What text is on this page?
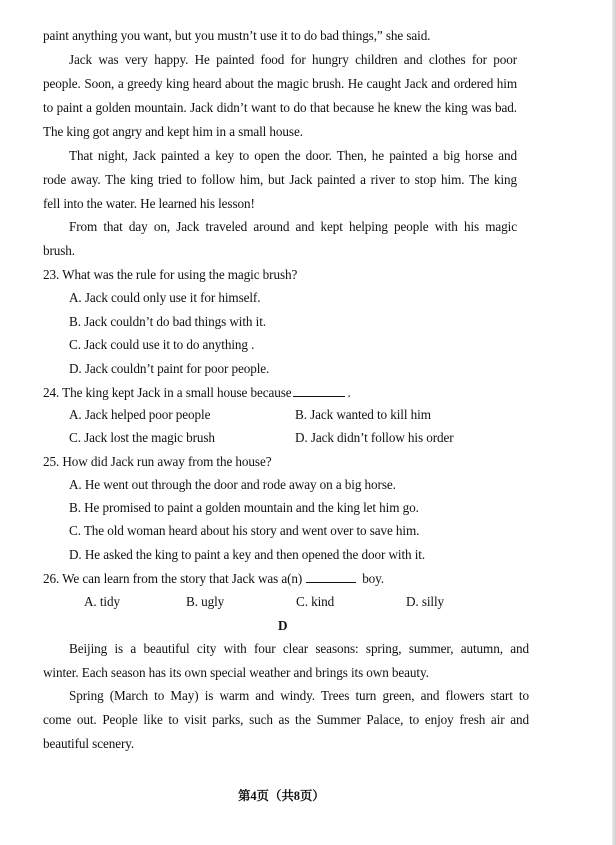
paint anything you want, but you mustn’t use it to do bad things,” she said.
Jack was very happy. He painted food for hungry children and clothes for poor
people. Soon, a greedy king heard about the magic brush. He caught Jack and ordered him
to paint a golden mountain. Jack didn’t want to do that because he knew the king was bad.
The king got angry and kept him in a small house.
That night, Jack painted a key to open the door. Then, he painted a big horse and
rode away. The king tried to follow him, but Jack painted a river to stop him. The king
fell into the water. He learned his lesson!
From that day on, Jack traveled around and kept helping people with his magic
brush.
23. What was the rule for using the magic brush?
A. Jack could only use it for himself.
B. Jack couldn’t do bad things with it.
C. Jack could use it to do anything .
D. Jack couldn’t paint for poor people.
24. The king kept Jack in a small house because	.
A. Jack helped poor people	B. Jack wanted to kill him
C. Jack lost the magic brush	D. Jack didn’t follow his order
25. How did Jack run away from the house?
A. He went out through the door and rode away on a big horse.
B. He promised to paint a golden mountain and the king let him go.
C. The old woman heard about his story and went over to save him.
D. He asked the king to paint a key and then opened the door with it.
26. We can learn from the story that Jack was a(n)	boy.
A. tidy	B. ugly	C. kind	D. silly
D
Beijing is a beautiful city with four clear seasons: spring, summer, autumn, and
winter. Each season has its own special weather and brings its own beauty.
Spring (March to May) is warm and windy. Trees turn green, and flowers start to
come out. People like to visit parks, such as the Summer Palace, to enjoy fresh air and
beautiful scenery.
第4页（共8页）
